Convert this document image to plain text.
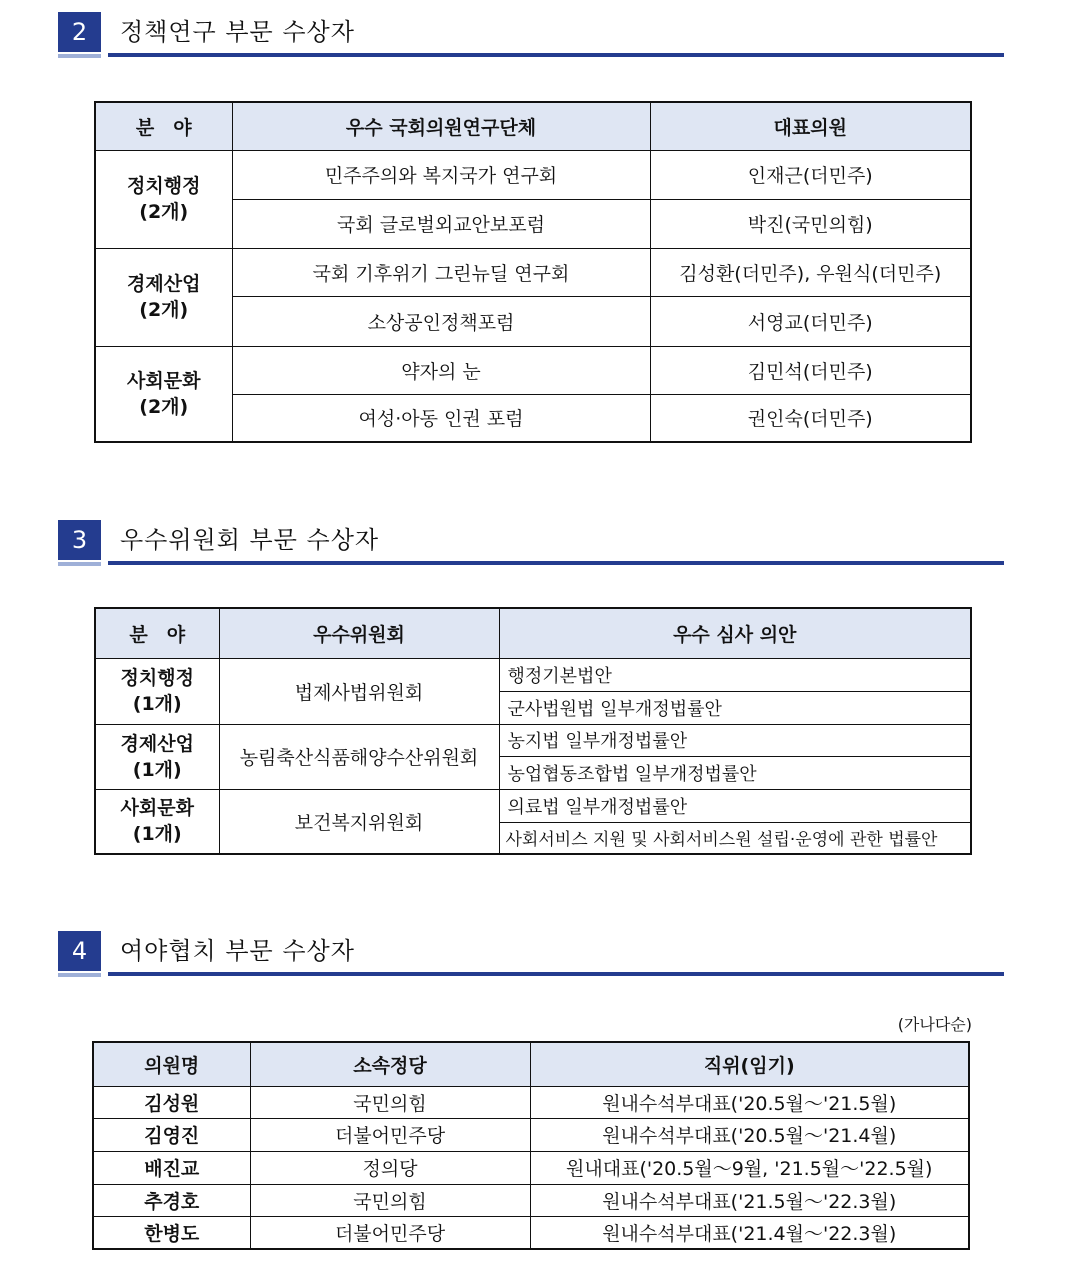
2	정책연구 부문 수상자
분　야	우수 국회의원연구단체	대표의원
정치행정
(2개)	민주주의와 복지국가 연구회	인재근(더민주)
	국회 글로벌외교안보포럼	박진(국민의힘)
경제산업
(2개)	국회 기후위기 그린뉴딜 연구회	김성환(더민주), 우원식(더민주)
	소상공인정책포럼	서영교(더민주)
사회문화
(2개)	약자의 눈	김민석(더민주)
	여성·아동 인권 포럼	권인숙(더민주)
3	우수위원회 부문 수상자
분　야	우수위원회	우수 심사 의안
정치행정
(1개)	법제사법위원회	행정기본법안
		군사법원법 일부개정법률안
경제산업
(1개)	농림축산식품해양수산위원회	농지법 일부개정법률안
		농업협동조합법 일부개정법률안
사회문화
(1개)	보건복지위원회	의료법 일부개정법률안
		사회서비스 지원 및 사회서비스원 설립·운영에 관한 법률안
4	여야협치 부문 수상자
(가나다순)
의원명	소속정당	직위(임기)
김성원	국민의힘	원내수석부대표('20.5월～'21.5월)
김영진	더불어민주당	원내수석부대표('20.5월～'21.4월)
배진교	정의당	원내대표('20.5월～9월, '21.5월～'22.5월)
추경호	국민의힘	원내수석부대표('21.5월～'22.3월)
한병도	더불어민주당	원내수석부대표('21.4월～'22.3월)
